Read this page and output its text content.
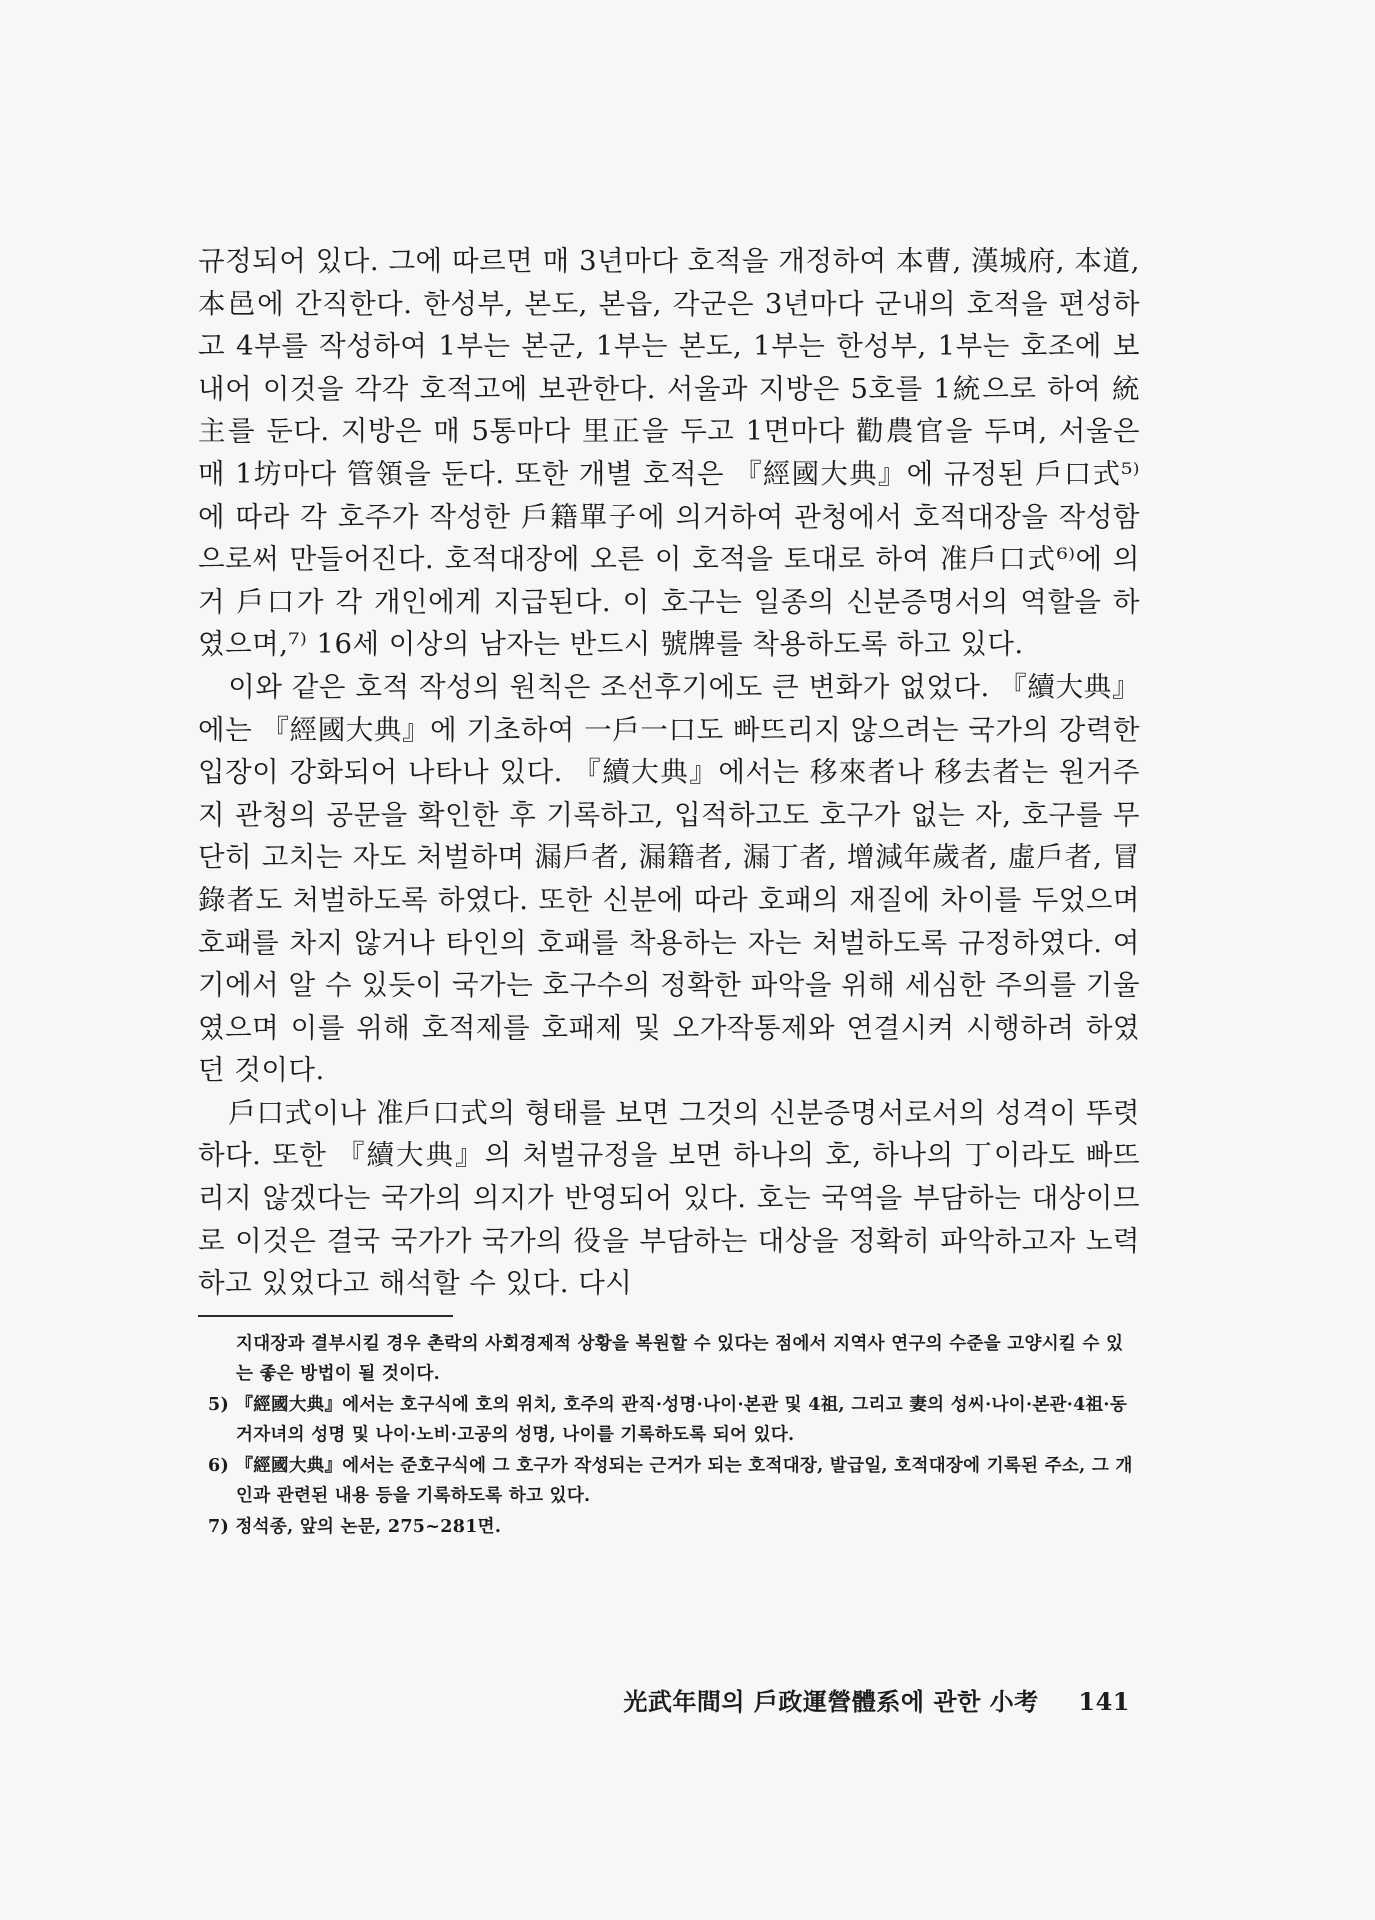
규정되어 있다. 그에 따르면 매 3년마다 호적을 개정하여 本曹, 漢城府, 本道, 本邑에 간직한다. 한성부, 본도, 본읍, 각군은 3년마다 군내의 호적을 편성하고 4부를 작성하여 1부는 본군, 1부는 본도, 1부는 한성부, 1부는 호조에 보내어 이것을 각각 호적고에 보관한다. 서울과 지방은 5호를 1統으로 하여 統主를 둔다. 지방은 매 5통마다 里正을 두고 1면마다 勸農官을 두며, 서울은 매 1坊마다 管領을 둔다. 또한 개별 호적은 『經國大典』에 규정된 戶口式⁵⁾에 따라 각 호주가 작성한 戶籍單子에 의거하여 관청에서 호적대장을 작성함으로써 만들어진다. 호적대장에 오른 이 호적을 토대로 하여 准戶口式⁶⁾에 의거 戶口가 각 개인에게 지급된다. 이 호구는 일종의 신분증명서의 역할을 하였으며,⁷⁾ 16세 이상의 남자는 반드시 號牌를 착용하도록 하고 있다.

이와 같은 호적 작성의 원칙은 조선후기에도 큰 변화가 없었다. 『續大典』에는 『經國大典』에 기초하여 一戶一口도 빠뜨리지 않으려는 국가의 강력한 입장이 강화되어 나타나 있다. 『續大典』에서는 移來者나 移去者는 원거주지 관청의 공문을 확인한 후 기록하고, 입적하고도 호구가 없는 자, 호구를 무단히 고치는 자도 처벌하며 漏戶者, 漏籍者, 漏丁者, 增減年歲者, 虛戶者, 冒錄者도 처벌하도록 하였다. 또한 신분에 따라 호패의 재질에 차이를 두었으며 호패를 차지 않거나 타인의 호패를 착용하는 자는 처벌하도록 규정하였다. 여기에서 알 수 있듯이 국가는 호구수의 정확한 파악을 위해 세심한 주의를 기울였으며 이를 위해 호적제를 호패제 및 오가작통제와 연결시켜 시행하려 하였던 것이다.

戶口式이나 准戶口式의 형태를 보면 그것의 신분증명서로서의 성격이 뚜렷하다. 또한 『續大典』의 처벌규정을 보면 하나의 호, 하나의 丁이라도 빠뜨리지 않겠다는 국가의 의지가 반영되어 있다. 호는 국역을 부담하는 대상이므로 이것은 결국 국가가 국가의 役을 부담하는 대상을 정확히 파악하고자 노력하고 있었다고 해석할 수 있다. 다시

지대장과 결부시킬 경우 촌락의 사회경제적 상황을 복원할 수 있다는 점에서 지역사 연구의 수준을 고양시킬 수 있는 좋은 방법이 될 것이다.
5) 『經國大典』에서는 호구식에 호의 위치, 호주의 관직·성명·나이·본관 및 4祖, 그리고 妻의 성씨·나이·본관·4祖·동거자녀의 성명 및 나이·노비·고공의 성명, 나이를 기록하도록 되어 있다.
6) 『經國大典』에서는 준호구식에 그 호구가 작성되는 근거가 되는 호적대장, 발급일, 호적대장에 기록된 주소, 그 개인과 관련된 내용 등을 기록하도록 하고 있다.
7) 정석종, 앞의 논문, 275~281면.
光武年間의 戶政運營體系에 관한 小考 141
